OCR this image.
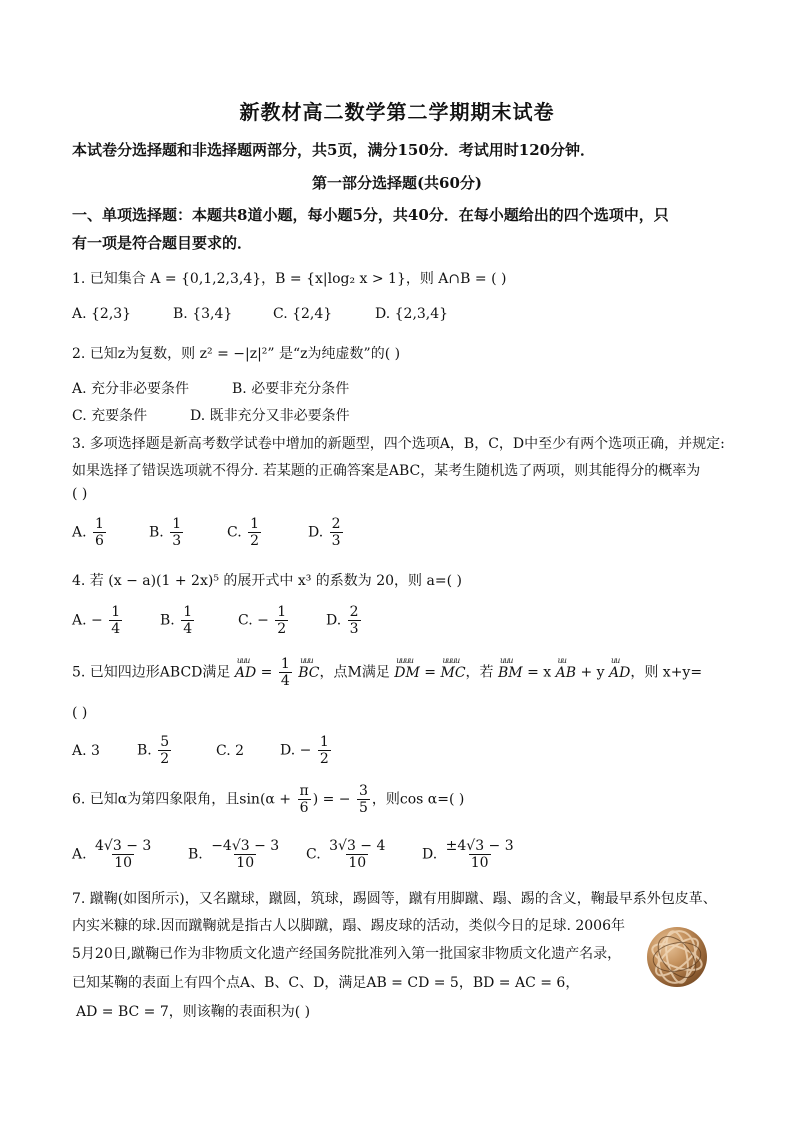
新教材高二数学第二学期期末试卷
本试卷分选择题和非选择题两部分，共5页，满分150分．考试用时120分钟．
第一部分选择题(共60分)
一、单项选择题：本题共8道小题，每小题5分，共40分．在每小题给出的四个选项中，只
有一项是符合题目要求的．
1. 已知集合 A = {0,1,2,3,4}，B = {x|log₂ x > 1}，则 A∩B = ( )
A. {2,3}	B. {3,4}	C. {2,4}	D. {2,3,4}
2. 已知z为复数，则 z² = −|z|²” 是“z为纯虚数”的( )
A. 充分非必要条件	B. 必要非充分条件
C. 充要条件	D. 既非充分又非必要条件
3. 多项选择题是新高考数学试卷中增加的新题型，四个选项A，B，C，D中至少有两个选项正确，并规定:
如果选择了错误选项就不得分. 若某题的正确答案是ABC，某考生随机选了两项，则其能得分的概率为
( )
A. $\frac{1}{6}$	B. $\frac{1}{3}$	C. $\frac{1}{2}$	D. $\frac{2}{3}$
4. 若 (x − a)(1 + 2x)⁵ 的展开式中 x³ 的系数为 20，则 a=( )
A. − $\frac{1}{4}$	B. $\frac{1}{4}$	C. − $\frac{1}{2}$	D. $\frac{2}{3}$
5. 已知四边形ABCD满足
uuu
AD = $\frac{1}{4}$
uuu
BC，点M满足
uuuu
DM =
uuuu
MC，若
uuu
BM = x
uu
AB + y
uu
AD，则 x+y=
( )
A. 3	B. $\frac{5}{2}$	C. 2	D. − $\frac{1}{2}$
6. 已知α为第四象限角，且$\sin(\alpha + \frac{\pi}{6}$ ) = − $\frac{3}{5}$ ，则cos α=( )
A. $\frac{4√3 - 3}{10} B$. $\frac{-4√3 - 3}{10} C$. $\frac{3√3 - 4}{10} D$. $\frac{\pm 4√3 - 3}{10}$
7. 蹴鞠(如图所示)，又名蹴球，蹴圆，筑球，踢圆等，蹴有用脚蹴、蹋、踢的含义，鞠最早系外包皮革、
内实米糠的球.因而蹴鞠就是指古人以脚蹴，蹋、踢皮球的活动，类似今日的足球. 2006年
5月20日,蹴鞠已作为非物质文化遗产经国务院批准列入第一批国家非物质文化遗产名录，
已知某鞠的表面上有四个点A、B、C、D，满足AB = CD = 5，BD = AC = 6，
AD = BC = 7，则该鞠的表面积为( )
